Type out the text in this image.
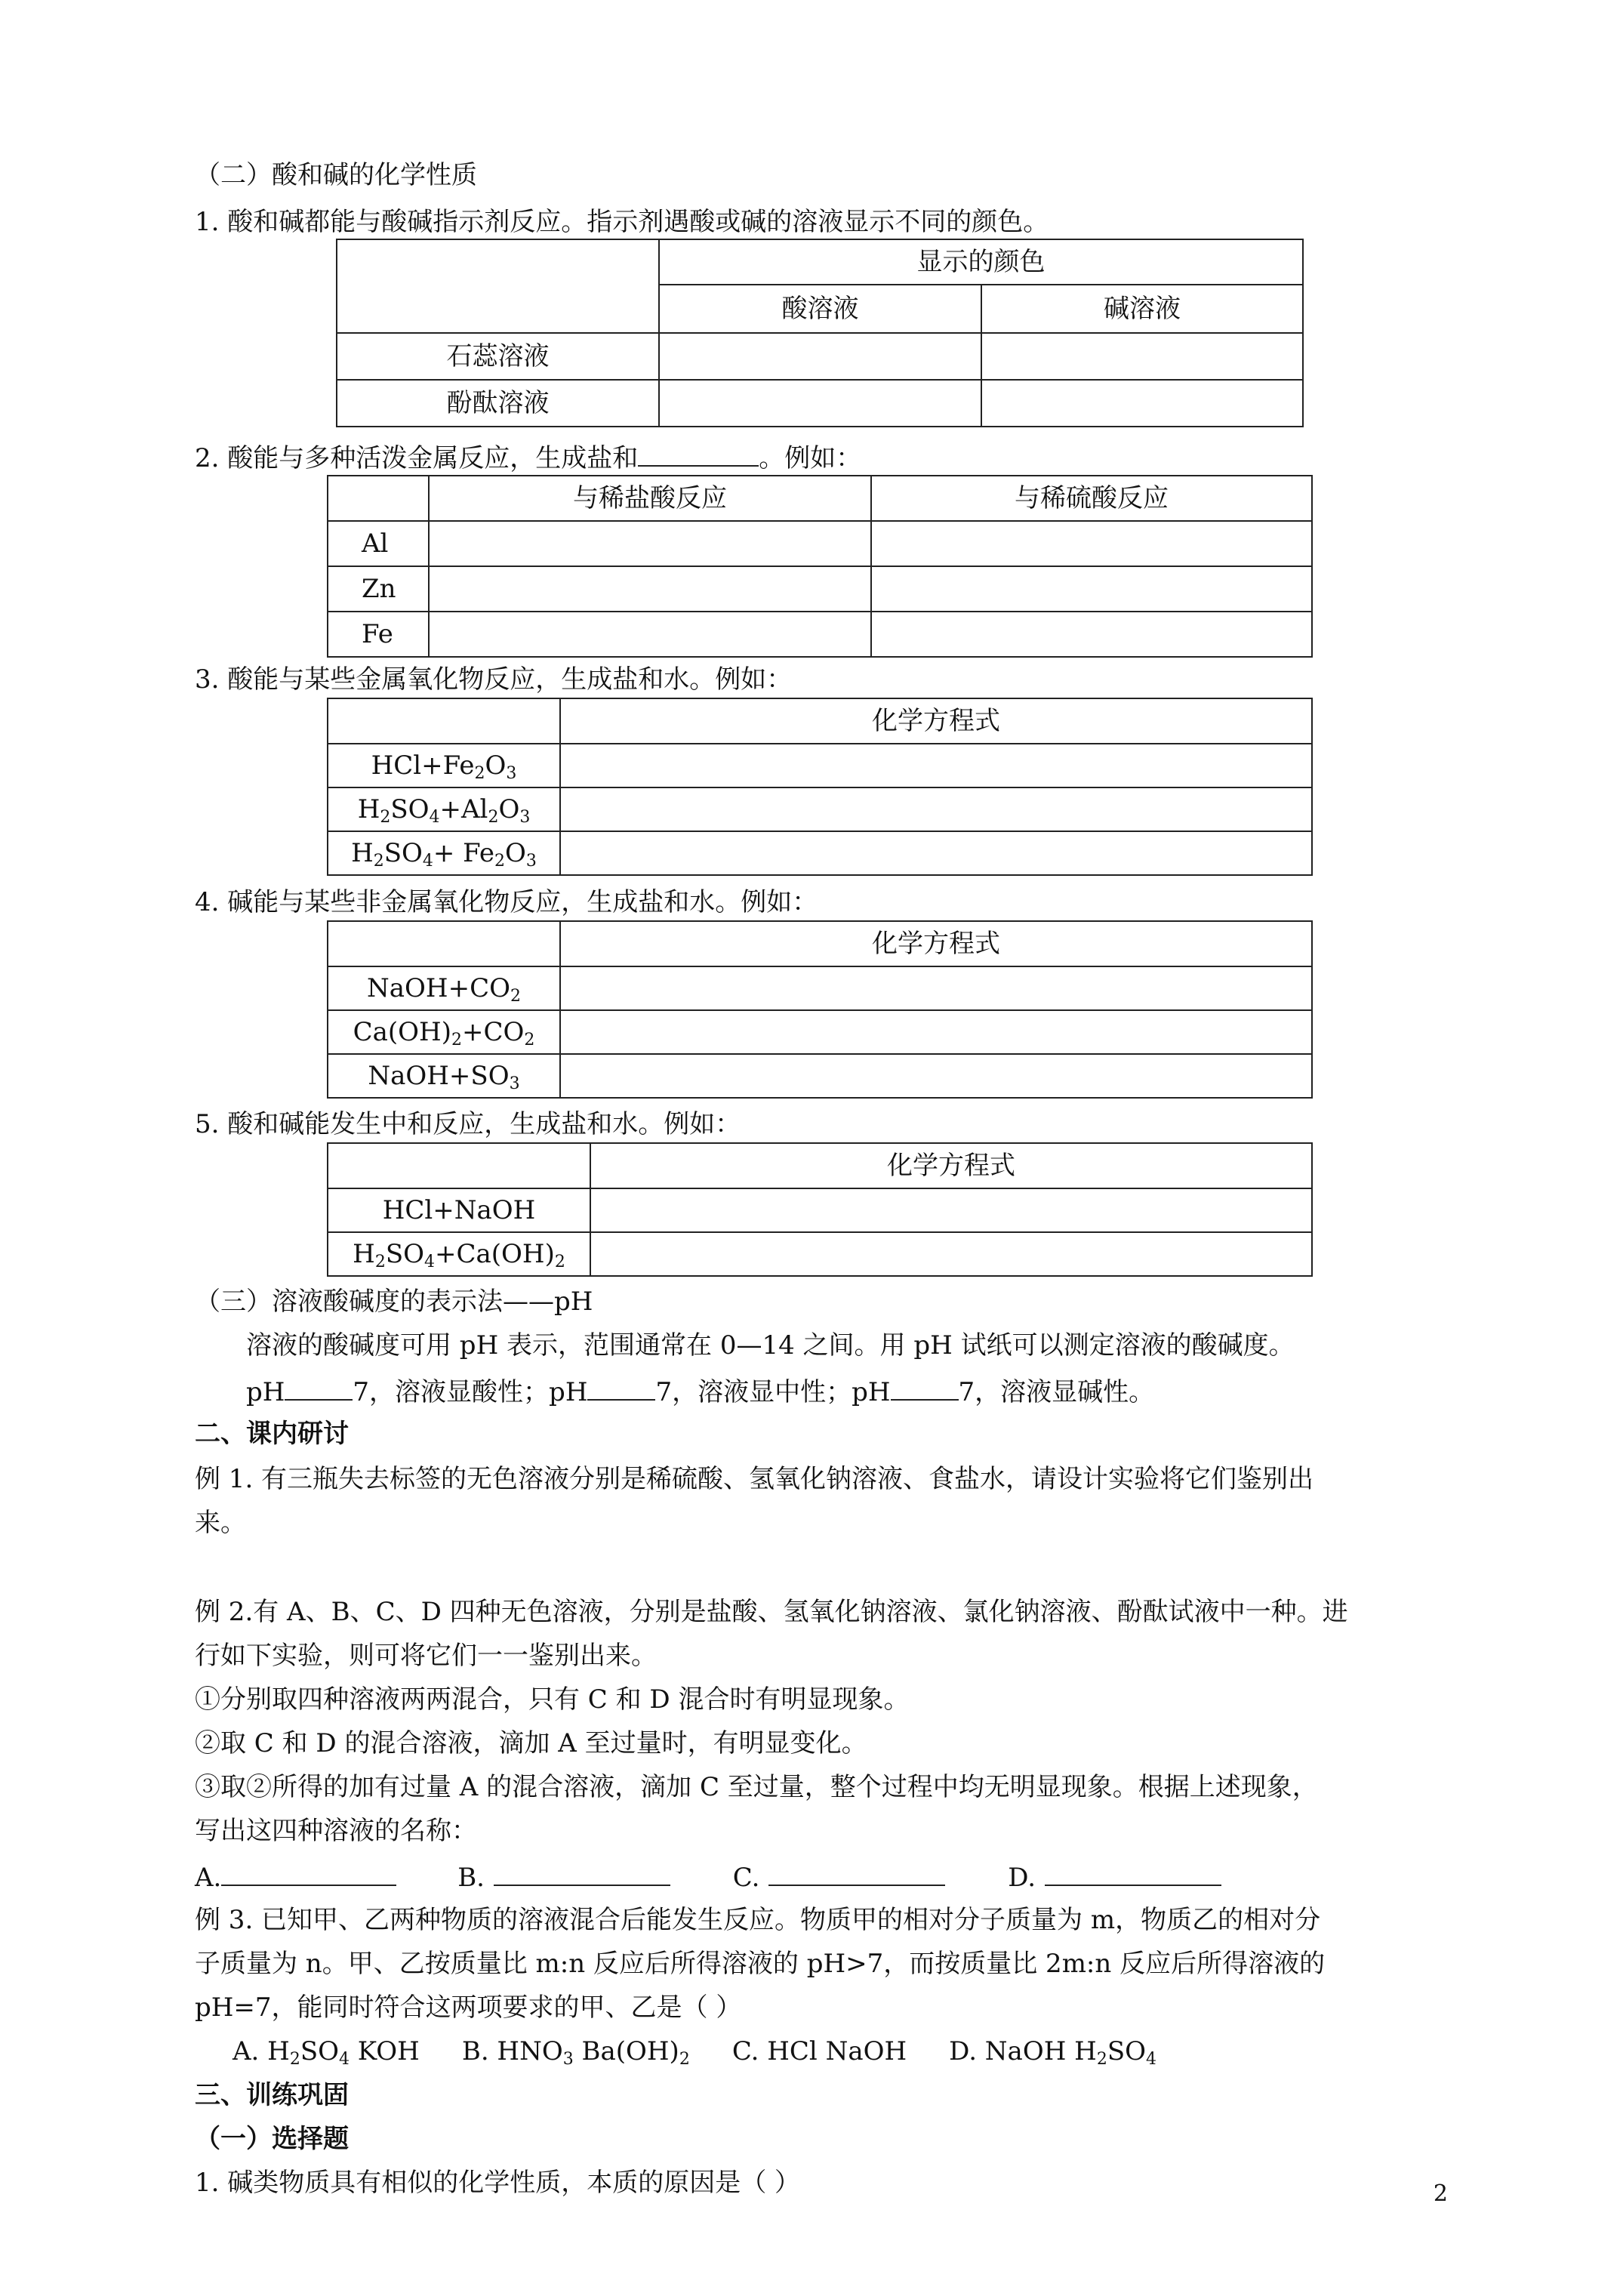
（二）酸和碱的化学性质
1. 酸和碱都能与酸碱指示剂反应。指示剂遇酸或碱的溶液显示不同的颜色。
	显示的颜色	
	酸溶液	碱溶液
石蕊溶液		
酚酞溶液		
2. 酸能与多种活泼金属反应，生成盐和	。例如：
	与稀盐酸反应	与稀硫酸反应
Al		
Zn		
Fe		
3. 酸能与某些金属氧化物反应，生成盐和水。例如：
	化学方程式
$HCl+Fe_2O_3$	
$H_2SO_4+Al_2O_3$	
$H_2SO_4+ Fe_2O_3$	
4. 碱能与某些非金属氧化物反应，生成盐和水。例如：
	化学方程式
$NaOH+CO_2$	
$Ca(OH)_2+CO_2$	
$NaOH+SO_3$	
5. 酸和碱能发生中和反应，生成盐和水。例如：
	化学方程式
HCl+NaOH	
$H_2SO_4+Ca(OH)_2$	
（三）溶液酸碱度的表示法——pH
溶液的酸碱度可用 pH 表示，范围通常在 0—14 之间。用 pH 试纸可以测定溶液的酸碱度。
pH	7，溶液显酸性；pH	7，溶液显中性；pH	7，溶液显碱性。
二、课内研讨
例 1. 有三瓶失去标签的无色溶液分别是稀硫酸、氢氧化钠溶液、食盐水，请设计实验将它们鉴别出
来。
例 2.有 A、B、C、D 四种无色溶液，分别是盐酸、氢氧化钠溶液、氯化钠溶液、酚酞试液中一种。进
行如下实验，则可将它们一一鉴别出来。
①分别取四种溶液两两混合，只有 C 和 D 混合时有明显现象。
②取 C 和 D 的混合溶液，滴加 A 至过量时，有明显变化。
③取②所得的加有过量 A 的混合溶液，滴加 C 至过量，整个过程中均无明显现象。根据上述现象，
写出这四种溶液的名称：
A.	B.	C.	D.
例 3. 已知甲、乙两种物质的溶液混合后能发生反应。物质甲的相对分子质量为 m，物质乙的相对分
子质量为 n。甲、乙按质量比 m:n 反应后所得溶液的 pH>7，而按质量比 2m:n 反应后所得溶液的
pH=7，能同时符合这两项要求的甲、乙是（ ）
A. $H_2SO_4$ KOH B. $HNO_3$ $Ba(OH)_2$ C. HCl NaOH D. NaOH $H_2SO_4$
三、训练巩固
（一）选择题
1. 碱类物质具有相似的化学性质，本质的原因是（ ）	2
